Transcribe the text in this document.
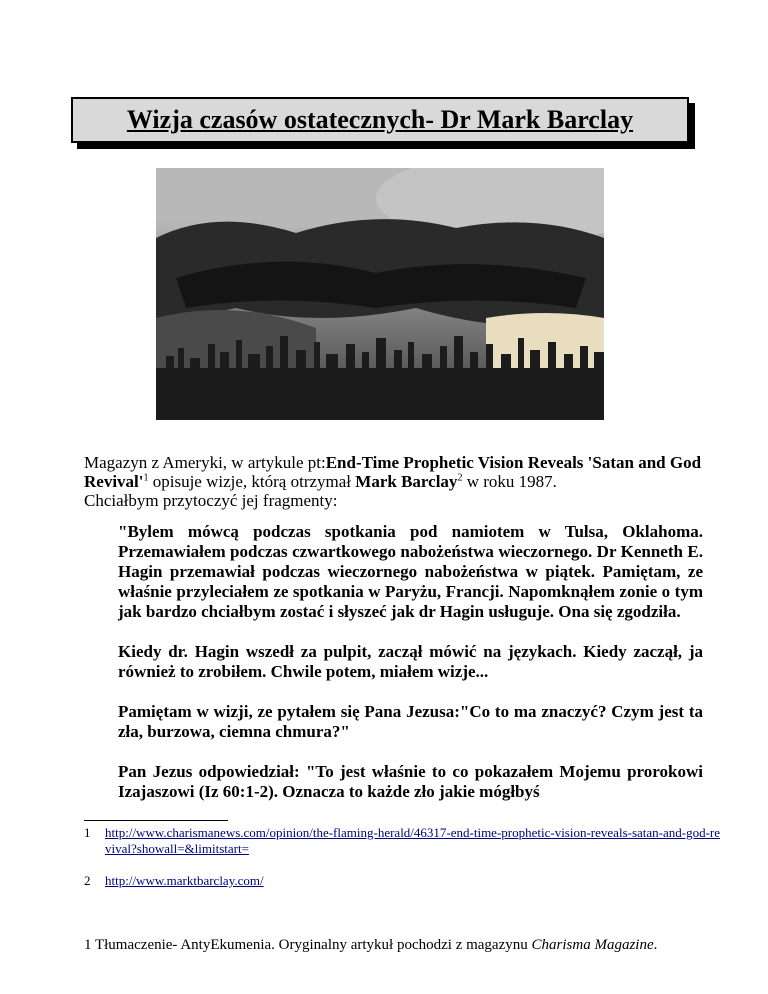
Wizja czasów ostatecznych- Dr Mark Barclay

Magazyn z Ameryki, w artykule pt:End-Time Prophetic Vision Reveals 'Satan and God $Revival'^1$ opisuje wizje, którą otrzymał Mark Barclay$^2$ w roku 1987.

Chciałbym przytoczyć jej fragmenty:

"Bylem mówcą podczas spotkania pod namiotem w Tulsa, Oklahoma. Przemawiałem podczas czwartkowego nabożeństwa wieczornego. Dr Kenneth E. Hagin przemawiał podczas wieczornego nabożeństwa w piątek. Pamiętam, ze właśnie przyleciałem ze spotkania w Paryżu, Francji. Napomknąłem zonie o tym jak bardzo chciałbym zostać i słyszeć jak dr Hagin usługuje. Ona się zgodziła.

Kiedy dr. Hagin wszedł za pulpit, zaczął mówić na językach. Kiedy zaczął, ja również to zrobiłem. Chwile potem, miałem wizje...

Pamiętam w wizji, ze pytałem się Pana Jezusa:"Co to ma znaczyć? Czym jest ta zła, burzowa, ciemna chmura?"

Pan Jezus odpowiedział: "To jest właśnie to co pokazałem Mojemu prorokowi Izajaszowi (Iz 60:1-2). Oznacza to każde zło jakie mógłbyś

1	http://www.charismanews.com/opinion/the-flaming-herald/46317-end-time-prophetic-vision-reveals-satan-and-god-revival?showall=&limitstart=
2	http://www.marktbarclay.com/
1 Tłumaczenie- AntyEkumenia. Oryginalny artykuł pochodzi z magazynu Charisma Magazine.
